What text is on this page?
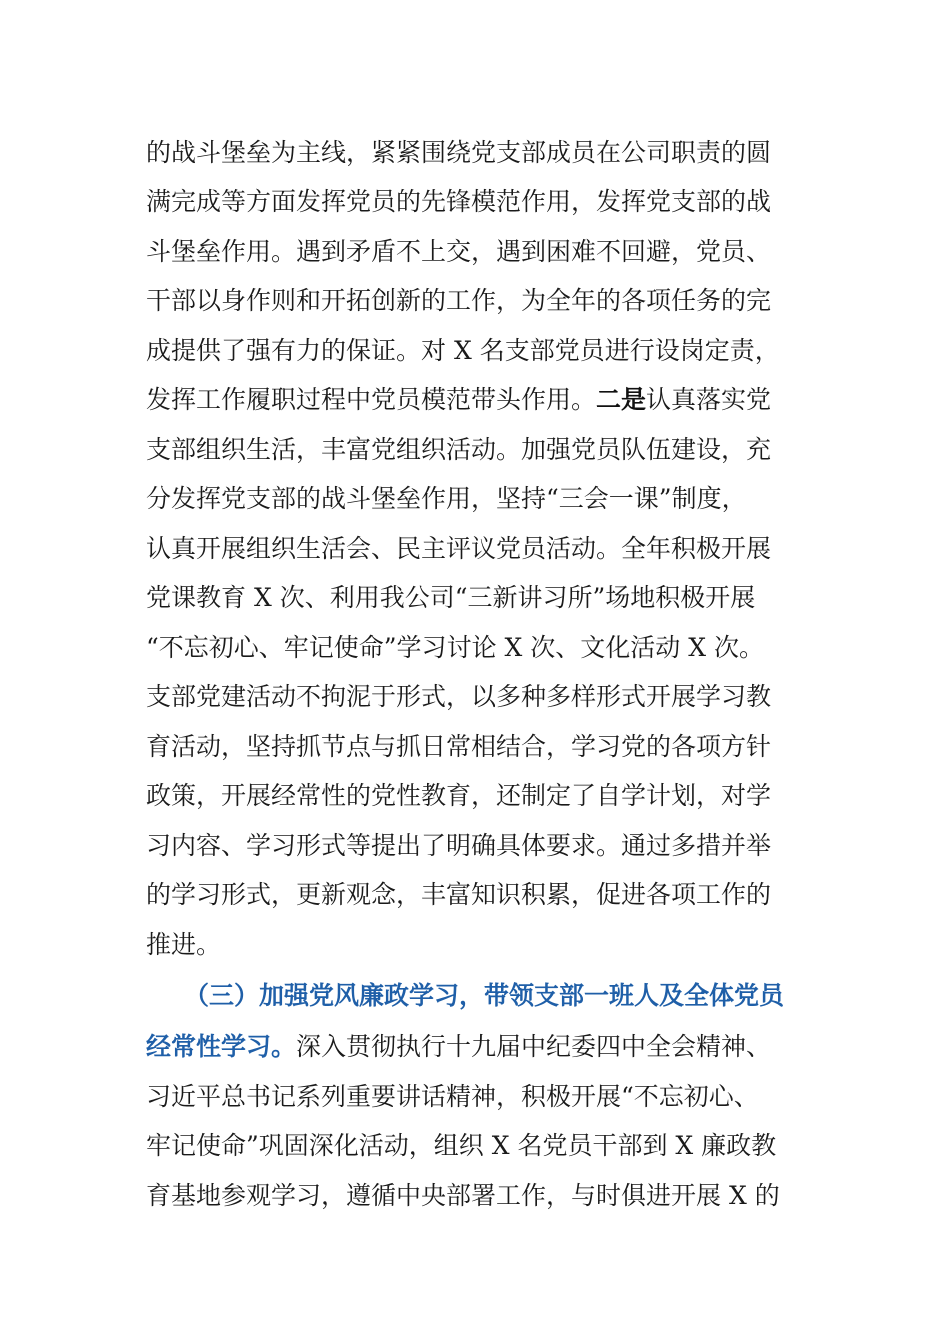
的战斗堡垒为主线，紧紧围绕党支部成员在公司职责的圆
满完成等方面发挥党员的先锋模范作用，发挥党支部的战
斗堡垒作用。遇到矛盾不上交，遇到困难不回避，党员、
干部以身作则和开拓创新的工作，为全年的各项任务的完
成提供了强有力的保证。对 X 名支部党员进行设岗定责，
发挥工作履职过程中党员模范带头作用。二是认真落实党
支部组织生活，丰富党组织活动。加强党员队伍建设，充
分发挥党支部的战斗堡垒作用，坚持“三会一课”制度，
认真开展组织生活会、民主评议党员活动。全年积极开展
党课教育 X 次、利用我公司“三新讲习所”场地积极开展
“不忘初心、牢记使命”学习讨论 X 次、文化活动 X 次。
支部党建活动不拘泥于形式，以多种多样形式开展学习教
育活动，坚持抓节点与抓日常相结合，学习党的各项方针
政策，开展经常性的党性教育，还制定了自学计划，对学
习内容、学习形式等提出了明确具体要求。通过多措并举
的学习形式，更新观念，丰富知识积累，促进各项工作的
推进。
（三）加强党风廉政学习，带领支部一班人及全体党员
经常性学习。深入贯彻执行十九届中纪委四中全会精神、
习近平总书记系列重要讲话精神，积极开展“不忘初心、
牢记使命”巩固深化活动，组织 X 名党员干部到 X 廉政教
育基地参观学习，遵循中央部署工作，与时俱进开展 X 的
